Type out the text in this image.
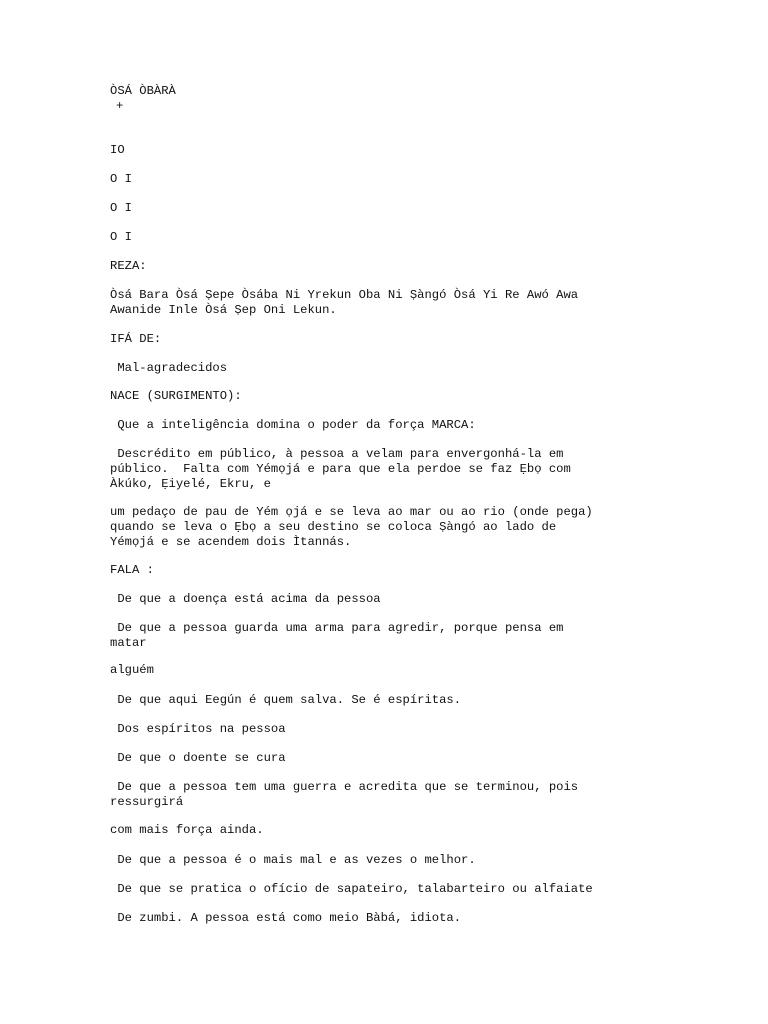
ÒSÁ ÒBÀRÀ

+

IO

O I

O I

O I

REZA:

Òsá Bara Òsá Ṣepe Òsába Ni Yrekun Oba Ni Ṣàngó Òsá Yi Re Awó Awa

Awanide Inle Òsá Ṣep Oni Lekun.

IFÁ DE:

Mal-agradecidos

NACE (SURGIMENTO):

Que a inteligência domina o poder da força MARCA:

Descrédito em público, à pessoa a velam para envergonhá-la em

público.  Falta com Yémọjá e para que ela perdoe se faz Ẹbọ com

Àkúko, Ẹiyelé, Ekru, e

um pedaço de pau de Yém ọjá e se leva ao mar ou ao rio (onde pega)

quando se leva o Ẹbọ a seu destino se coloca Ṣàngó ao lado de

Yémọjá e se acendem dois Ìtannás.

FALA :

De que a doença está acima da pessoa

De que a pessoa guarda uma arma para agredir, porque pensa em

matar

alguém

De que aqui Eegún é quem salva. Se é espíritas.

Dos espíritos na pessoa

De que o doente se cura

De que a pessoa tem uma guerra e acredita que se terminou, pois

ressurgirá

com mais força ainda.

De que a pessoa é o mais mal e as vezes o melhor.

De que se pratica o ofício de sapateiro, talabarteiro ou alfaiate

De zumbi. A pessoa está como meio Bàbá, idiota.
